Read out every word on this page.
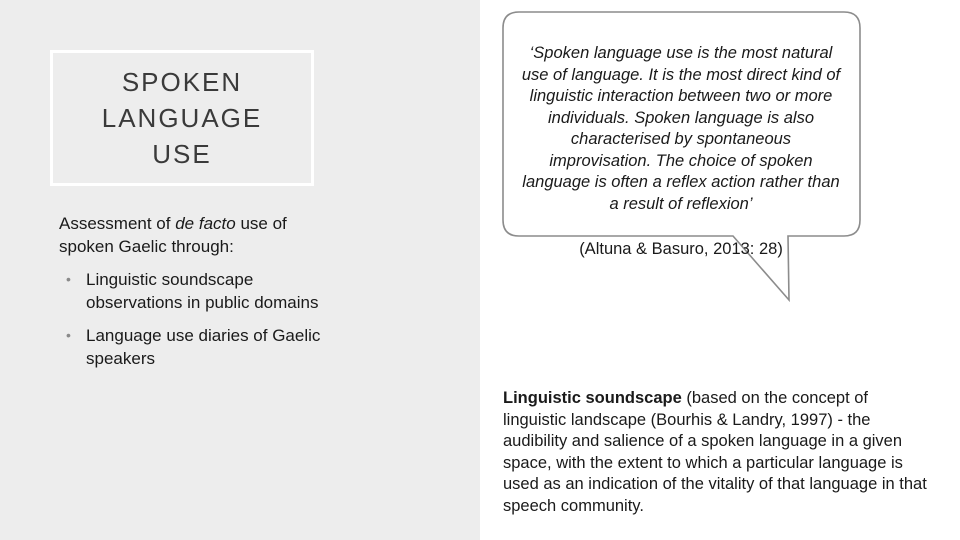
SPOKEN
LANGUAGE
USE
Assessment of de facto use of spoken Gaelic through:
• Linguistic soundscape observations in public domains
• Language use diaries of Gaelic speakers
‘Spoken language use is the most natural use of language. It is the most direct kind of linguistic interaction between two or more individuals. Spoken language is also characterised by spontaneous improvisation. The choice of spoken language is often a reflex action rather than a result of reflexion’
(Altuna & Basuro, 2013: 28)
Linguistic soundscape (based on the concept of linguistic landscape (Bourhis & Landry, 1997) - the audibility and salience of a spoken language in a given space, with the extent to which a particular language is used as an indication of the vitality of that language in that speech community.
